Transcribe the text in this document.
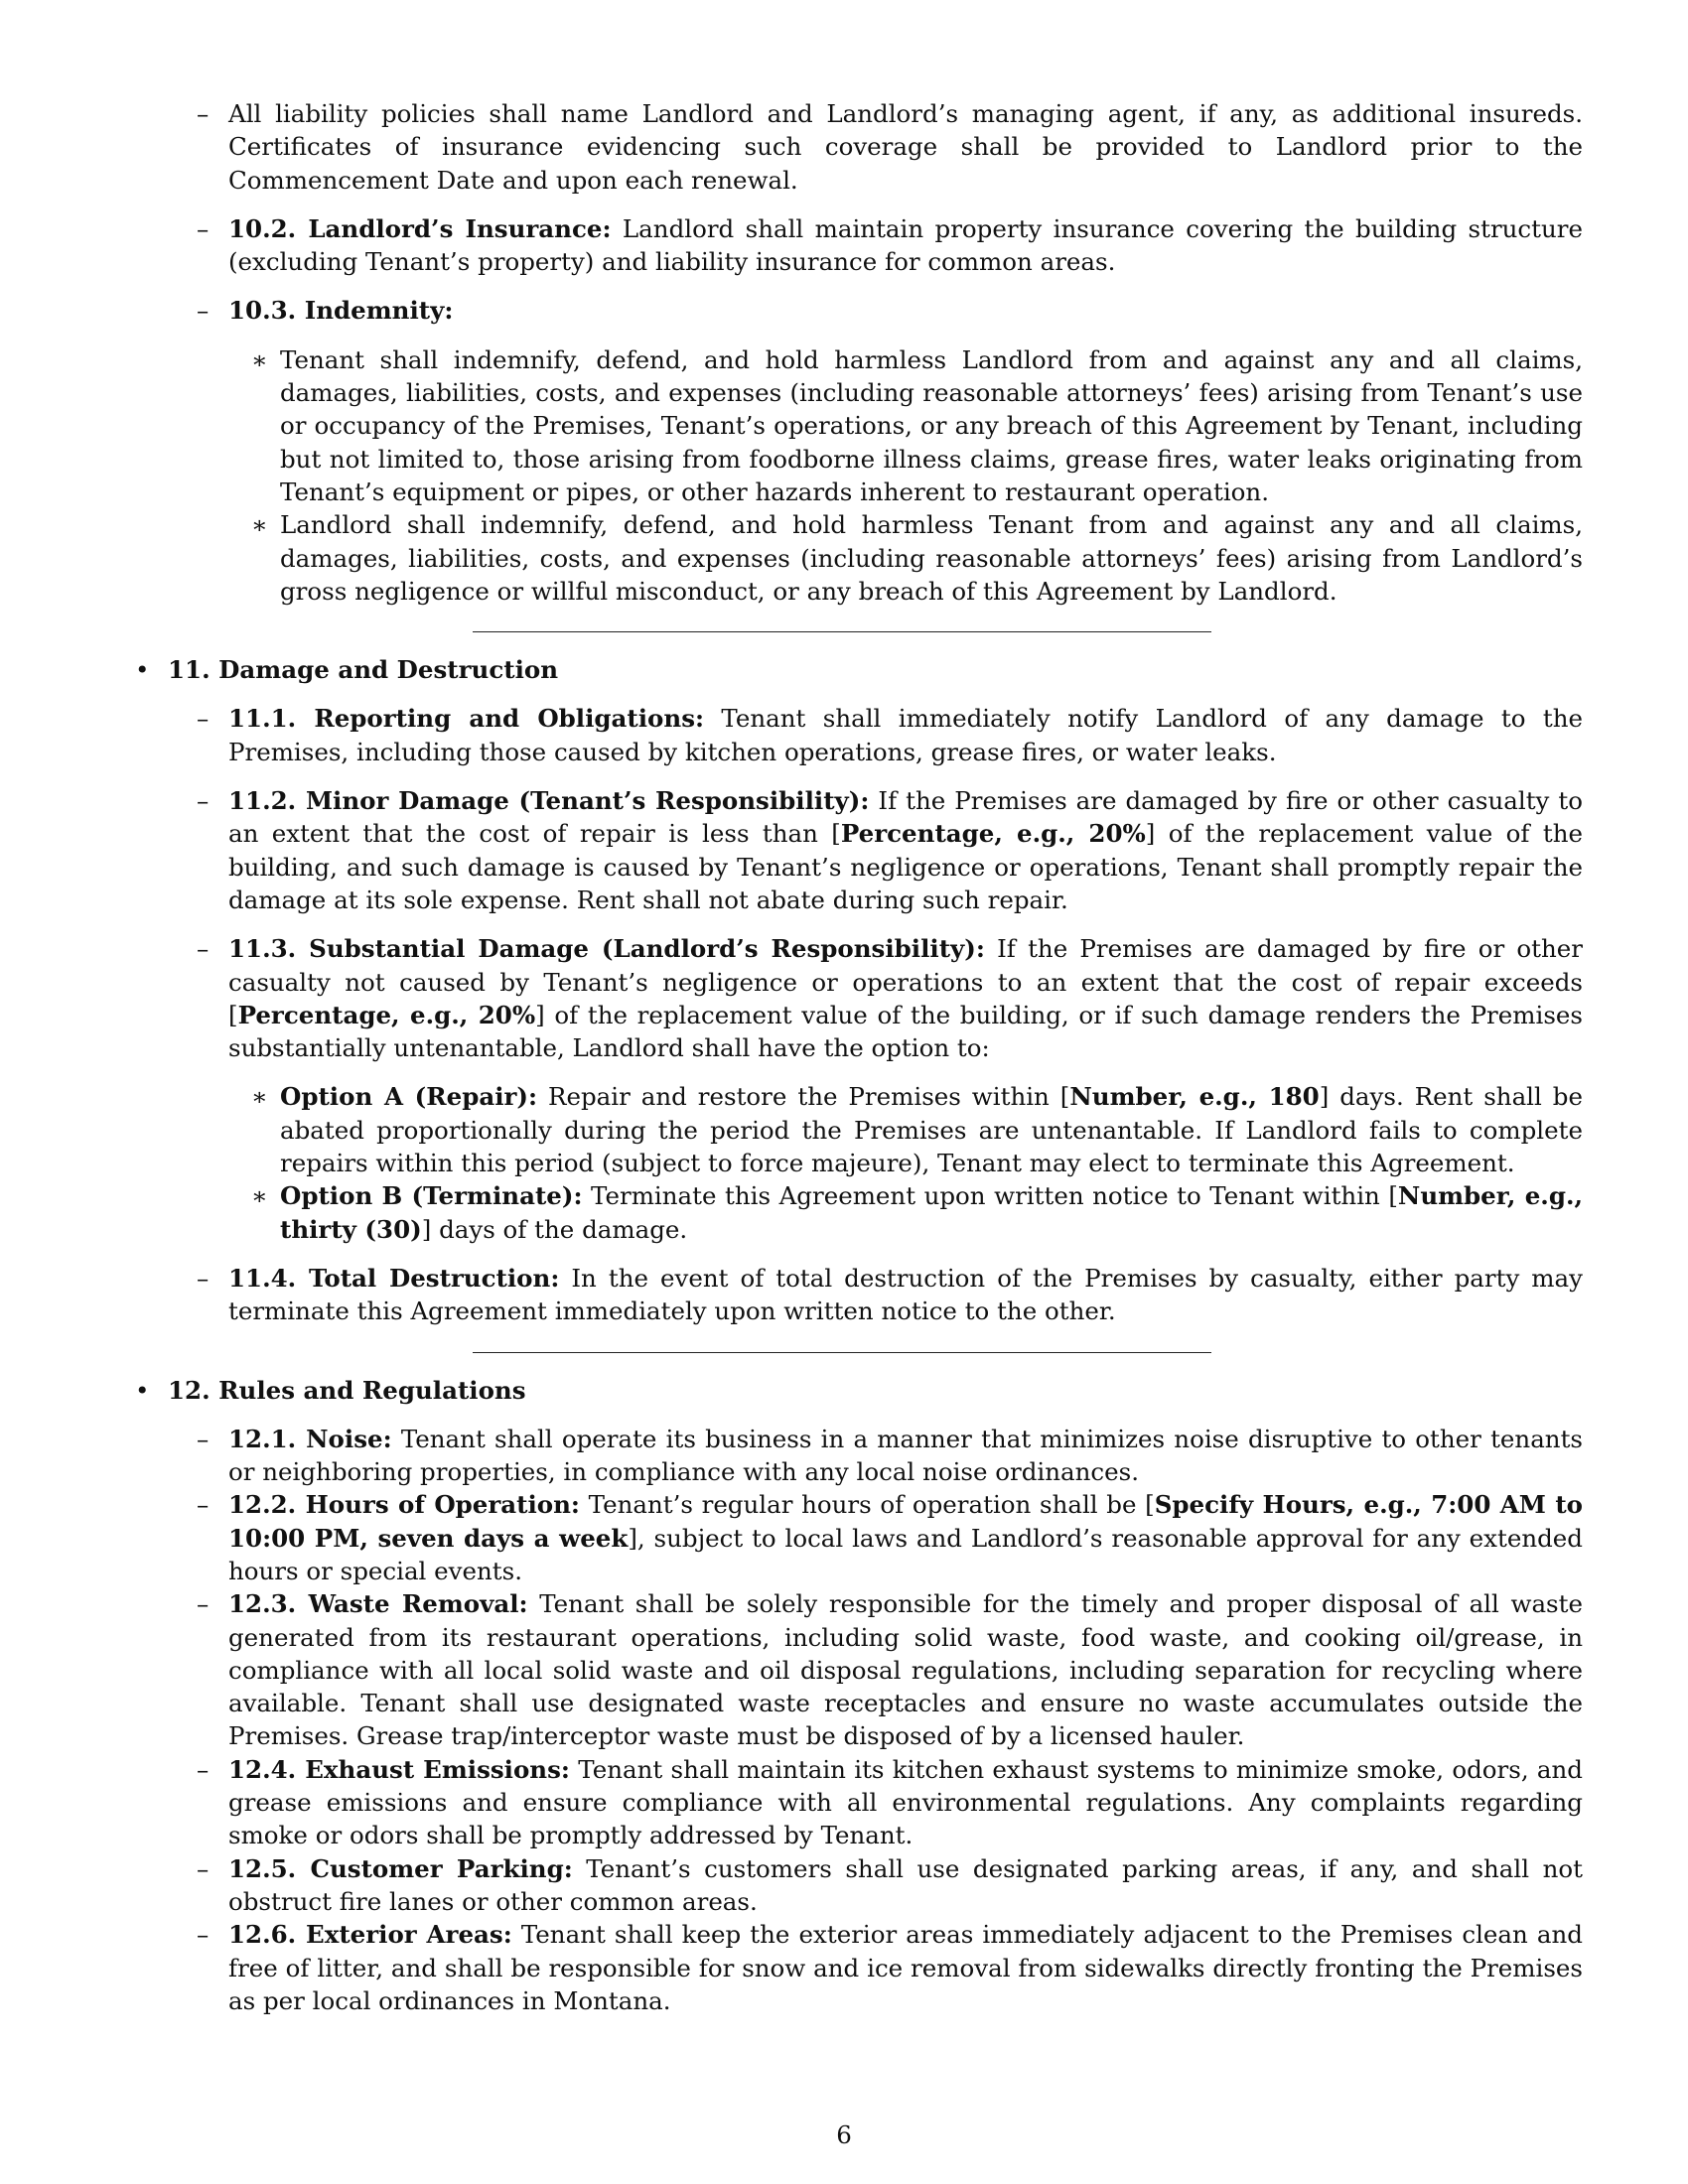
– All liability policies shall name Landlord and Landlord’s managing agent, if any, as additional insureds. Certificates of insurance evidencing such coverage shall be provided to Landlord prior to the Commencement Date and upon each renewal.
– 10.2. Landlord’s Insurance: Landlord shall maintain property insurance covering the building structure (excluding Tenant’s property) and liability insurance for common areas.
– 10.3. Indemnity:
∗ Tenant shall indemnify, defend, and hold harmless Landlord from and against any and all claims, damages, liabilities, costs, and expenses (including reasonable attorneys’ fees) arising from Tenant’s use or occupancy of the Premises, Tenant’s operations, or any breach of this Agreement by Tenant, including but not limited to, those arising from foodborne illness claims, grease fires, water leaks originating from Tenant’s equipment or pipes, or other hazards inherent to restaurant operation.
∗ Landlord shall indemnify, defend, and hold harmless Tenant from and against any and all claims, damages, liabilities, costs, and expenses (including reasonable attorneys’ fees) arising from Landlord’s gross negligence or willful misconduct, or any breach of this Agreement by Landlord.
• 11. Damage and Destruction
– 11.1. Reporting and Obligations: Tenant shall immediately notify Landlord of any damage to the Premises, including those caused by kitchen operations, grease fires, or water leaks.
– 11.2. Minor Damage (Tenant’s Responsibility): If the Premises are damaged by fire or other casualty to an extent that the cost of repair is less than [Percentage, e.g., 20%] of the replacement value of the building, and such damage is caused by Tenant’s negligence or operations, Tenant shall promptly repair the damage at its sole expense. Rent shall not abate during such repair.
– 11.3. Substantial Damage (Landlord’s Responsibility): If the Premises are damaged by fire or other casualty not caused by Tenant’s negligence or operations to an extent that the cost of repair exceeds [Percentage, e.g., 20%] of the replacement value of the building, or if such damage renders the Premises substantially untenantable, Landlord shall have the option to:
∗ Option A (Repair): Repair and restore the Premises within [Number, e.g., 180] days. Rent shall be abated proportionally during the period the Premises are untenantable. If Landlord fails to complete repairs within this period (subject to force majeure), Tenant may elect to terminate this Agreement.
∗ Option B (Terminate): Terminate this Agreement upon written notice to Tenant within [Number, e.g., thirty (30)] days of the damage.
– 11.4. Total Destruction: In the event of total destruction of the Premises by casualty, either party may terminate this Agreement immediately upon written notice to the other.
• 12. Rules and Regulations
– 12.1. Noise: Tenant shall operate its business in a manner that minimizes noise disruptive to other tenants or neighboring properties, in compliance with any local noise ordinances.
– 12.2. Hours of Operation: Tenant’s regular hours of operation shall be [Specify Hours, e.g., 7:00 AM to 10:00 PM, seven days a week], subject to local laws and Landlord’s reasonable approval for any extended hours or special events.
– 12.3. Waste Removal: Tenant shall be solely responsible for the timely and proper disposal of all waste generated from its restaurant operations, including solid waste, food waste, and cooking oil/grease, in compliance with all local solid waste and oil disposal regulations, including separation for recycling where available. Tenant shall use designated waste receptacles and ensure no waste accumulates outside the Premises. Grease trap/interceptor waste must be disposed of by a licensed hauler.
– 12.4. Exhaust Emissions: Tenant shall maintain its kitchen exhaust systems to minimize smoke, odors, and grease emissions and ensure compliance with all environmental regulations. Any complaints regarding smoke or odors shall be promptly addressed by Tenant.
– 12.5. Customer Parking: Tenant’s customers shall use designated parking areas, if any, and shall not obstruct fire lanes or other common areas.
– 12.6. Exterior Areas: Tenant shall keep the exterior areas immediately adjacent to the Premises clean and free of litter, and shall be responsible for snow and ice removal from sidewalks directly fronting the Premises as per local ordinances in Montana.
6
